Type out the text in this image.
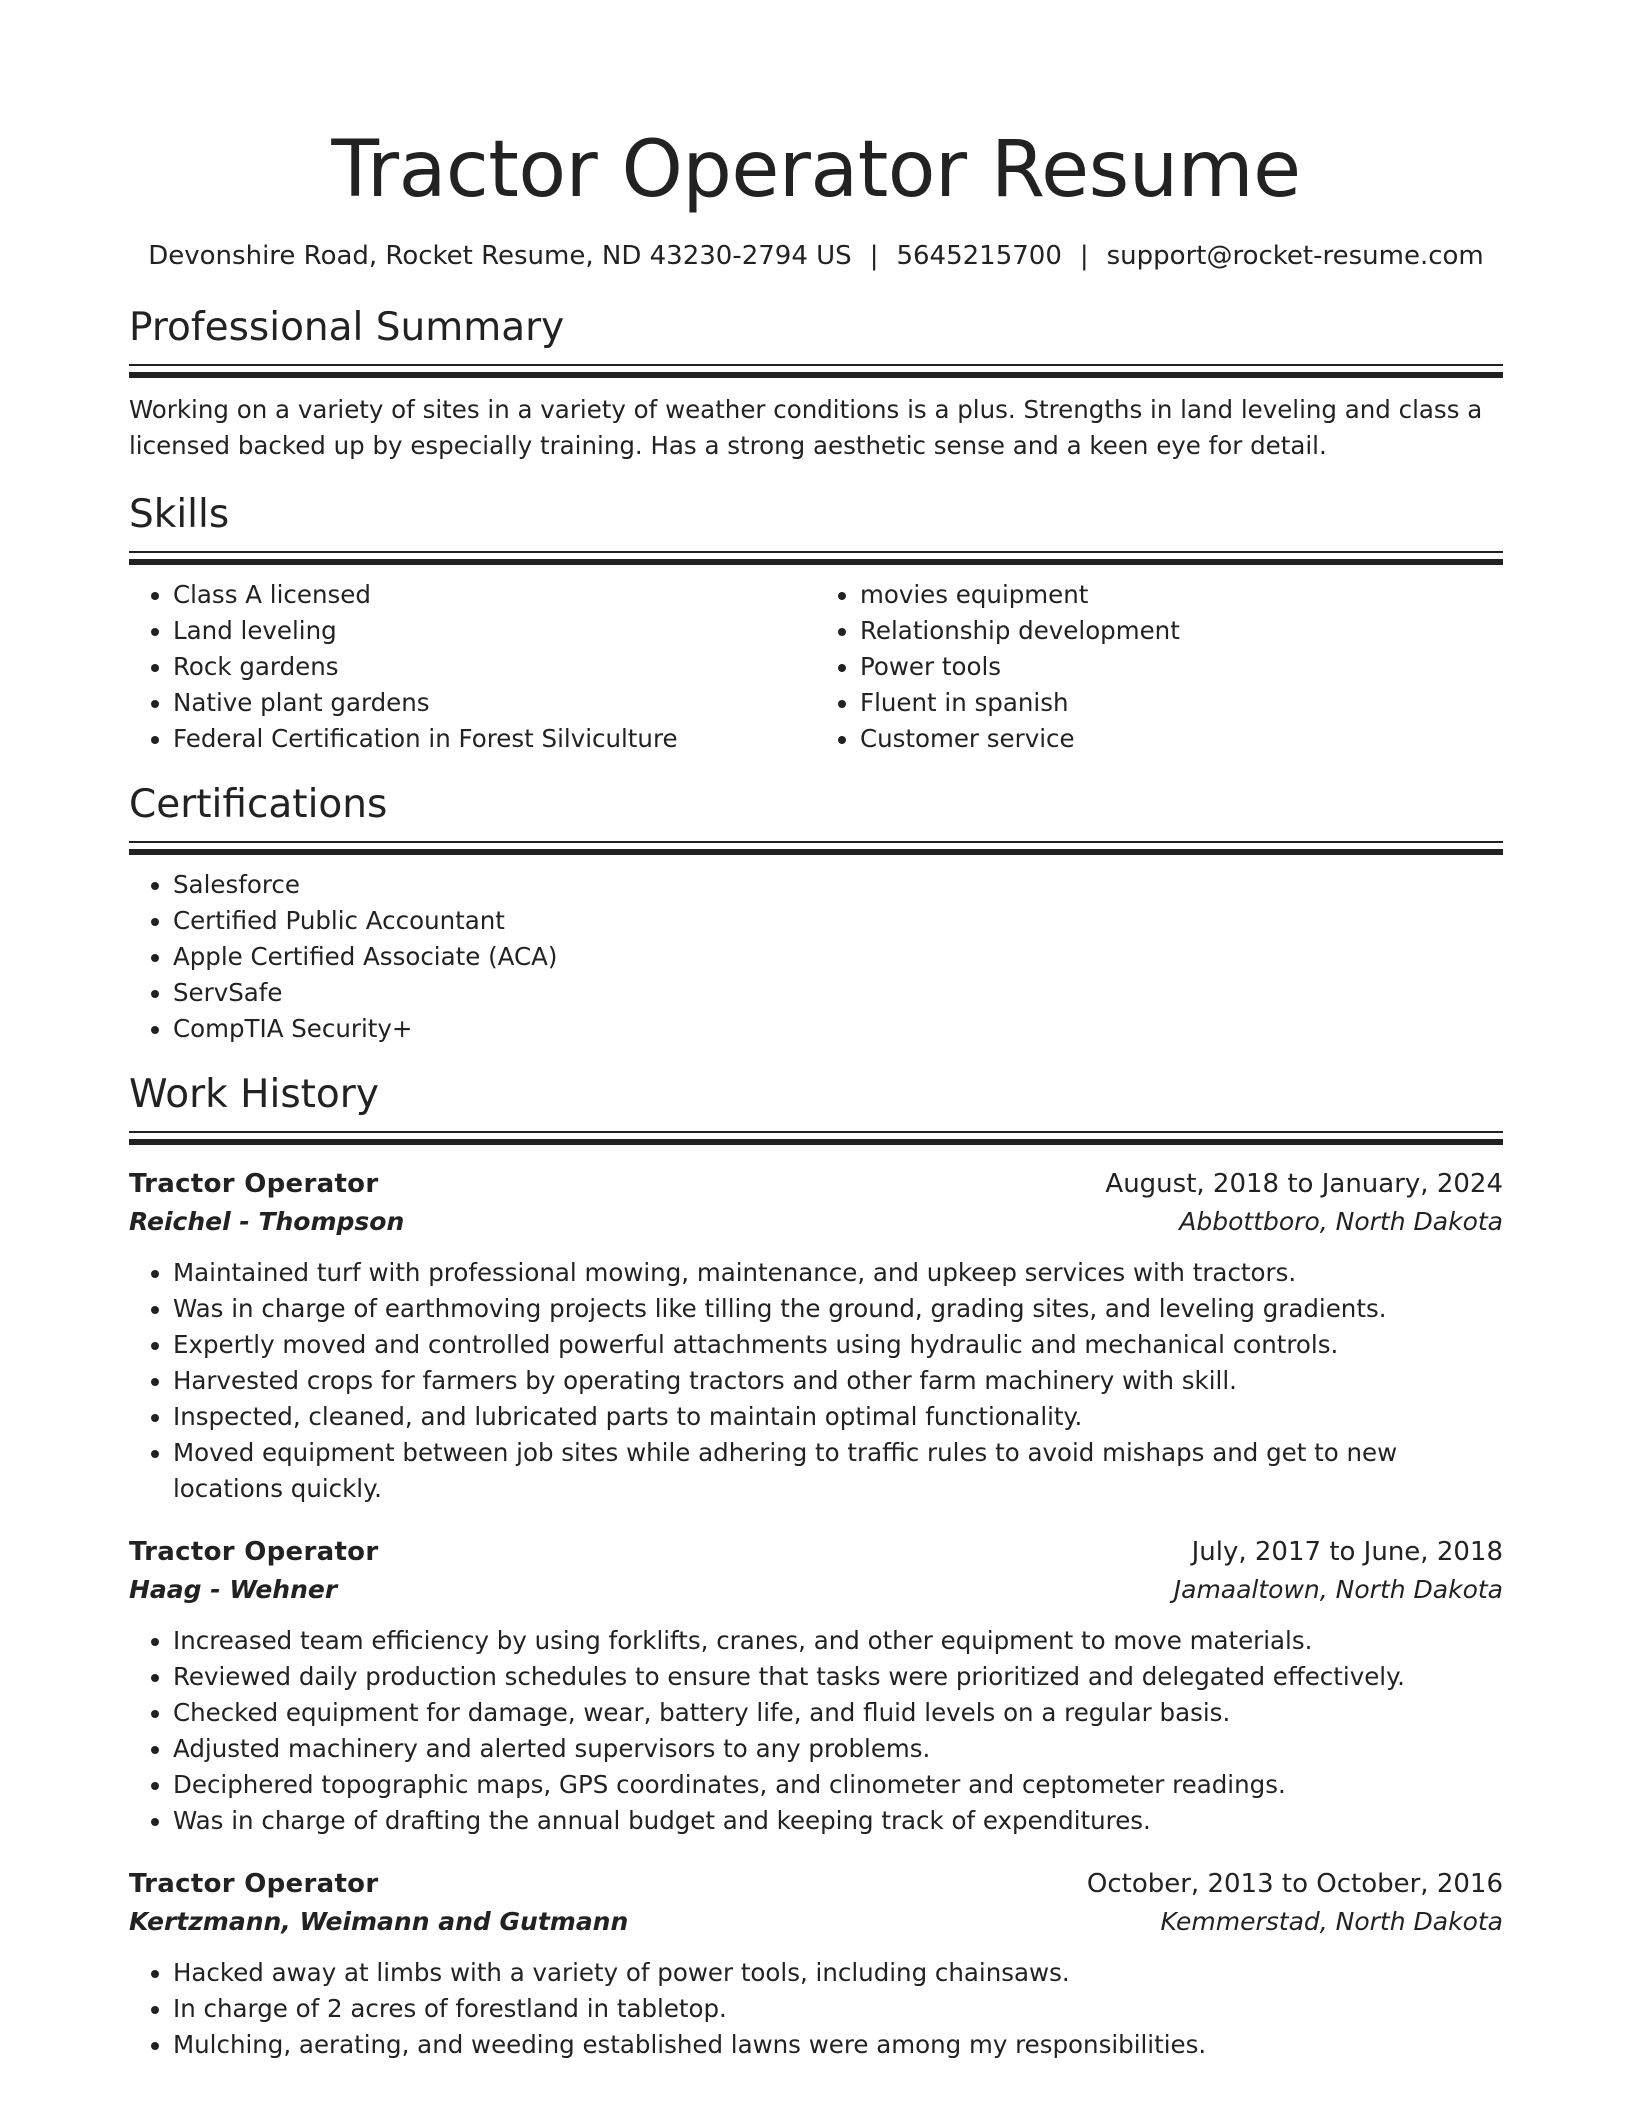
Tractor Operator Resume
Devonshire Road, Rocket Resume, ND 43230-2794 US | 5645215700 | support@rocket-resume.com
Professional Summary

Working on a variety of sites in a variety of weather conditions is a plus. Strengths in land leveling and class a licensed backed up by especially training. Has a strong aesthetic sense and a keen eye for detail.

Skills
• Class A licensed
• Land leveling
• Rock gardens
• Native plant gardens
• Federal Certification in Forest Silviculture
• movies equipment
• Relationship development
• Power tools
• Fluent in spanish
• Customer service
Certifications
• Salesforce
• Certified Public Accountant
• Apple Certified Associate (ACA)
• ServSafe
• CompTIA Security+
Work History
Tractor Operator	August, 2018 to January, 2024
Reichel - Thompson	Abbottboro, North Dakota
• Maintained turf with professional mowing, maintenance, and upkeep services with tractors.
• Was in charge of earthmoving projects like tilling the ground, grading sites, and leveling gradients.
• Expertly moved and controlled powerful attachments using hydraulic and mechanical controls.
• Harvested crops for farmers by operating tractors and other farm machinery with skill.
• Inspected, cleaned, and lubricated parts to maintain optimal functionality.
• Moved equipment between job sites while adhering to traffic rules to avoid mishaps and get to new locations quickly.
Tractor Operator	July, 2017 to June, 2018
Haag - Wehner	Jamaaltown, North Dakota
• Increased team efficiency by using forklifts, cranes, and other equipment to move materials.
• Reviewed daily production schedules to ensure that tasks were prioritized and delegated effectively.
• Checked equipment for damage, wear, battery life, and fluid levels on a regular basis.
• Adjusted machinery and alerted supervisors to any problems.
• Deciphered topographic maps, GPS coordinates, and clinometer and ceptometer readings.
• Was in charge of drafting the annual budget and keeping track of expenditures.
Tractor Operator	October, 2013 to October, 2016
Kertzmann, Weimann and Gutmann	Kemmerstad, North Dakota
• Hacked away at limbs with a variety of power tools, including chainsaws.
• In charge of 2 acres of forestland in tabletop.
• Mulching, aerating, and weeding established lawns were among my responsibilities.
